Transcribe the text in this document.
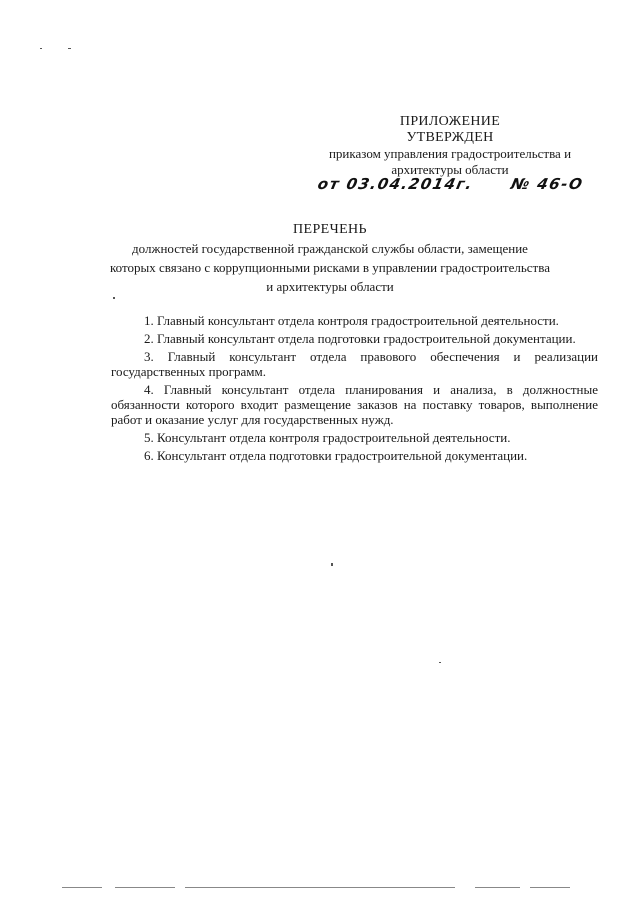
ПРИЛОЖЕНИЕ
УТВЕРЖДЕН
приказом управления градостроительства и
архитектуры области
от 03.04.2014г. № 46-О
ПЕРЕЧЕНЬ
должностей государственной гражданской службы области, замещение
которых связано с коррупционными рисками в управлении градостроительства
и архитектуры области
1. Главный консультант отдела контроля градостроительной деятельности.
2. Главный консультант отдела подготовки градостроительной документации.
3. Главный консультант отдела правового обеспечения и реализации государственных программ.
4. Главный консультант отдела планирования и анализа, в должностные обязанности которого входит размещение заказов на поставку товаров, выполнение работ и оказание услуг для государственных нужд.
5. Консультант отдела контроля градостроительной деятельности.
6. Консультант отдела подготовки градостроительной документации.
